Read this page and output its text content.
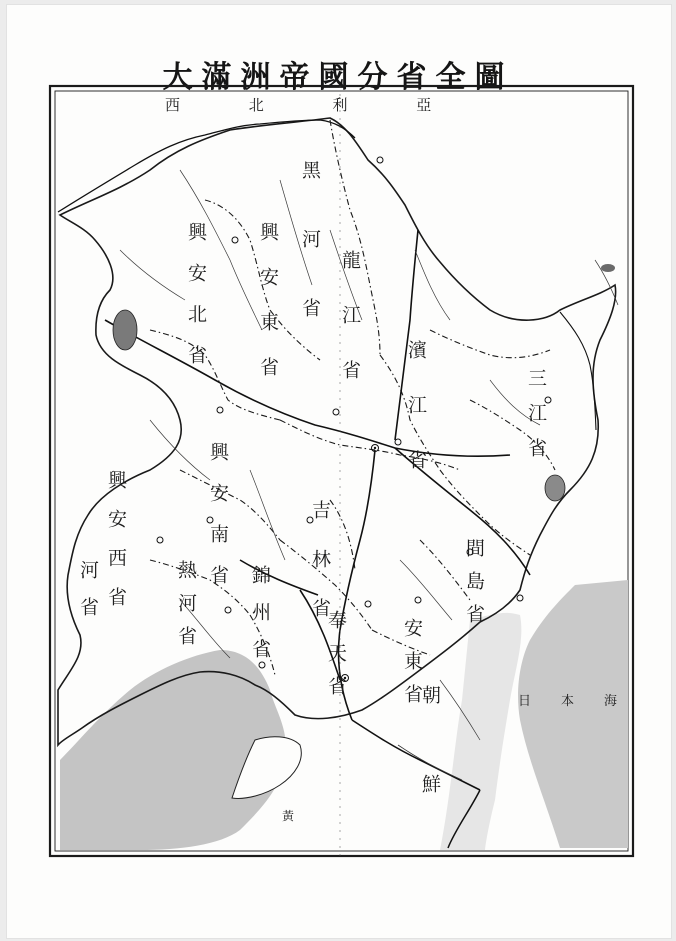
大滿洲帝國分省全圖
西 北 利 亞
黑河省
興安北省	興安東省	龍江省
濱江省	三江省
興安南省
興安西省	吉林省	間島省
熱河省	錦州省	奉天省	安東省
河省
朝鮮	日本海
黃
